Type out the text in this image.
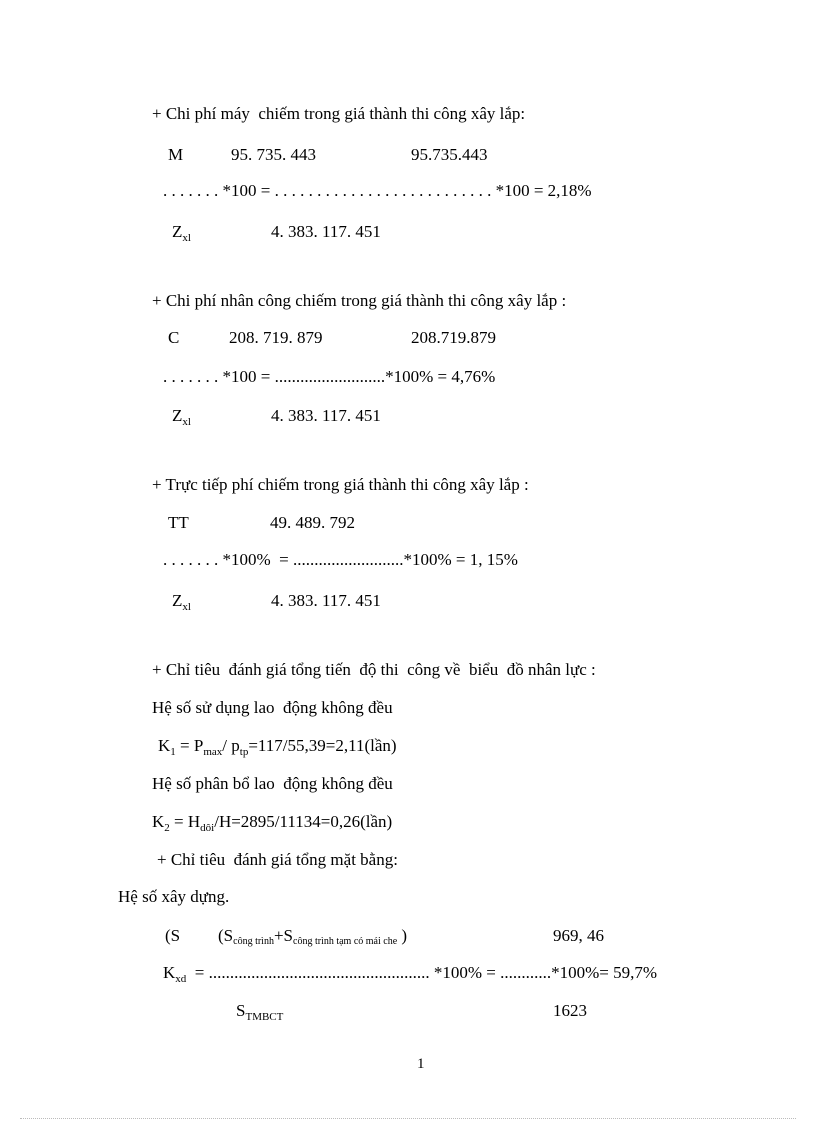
+ Chi phí máy  chiếm trong giá thành thi công xây lắp:
M	95. 735. 443	95.735.443
. . . . . . . *100 = . . . . . . . . . . . . . . . . . . . . . . . . . . *100 = 2,18%
$Z_{xl}$	4. 383. 117. 451
+ Chi phí nhân công chiếm trong giá thành thi công xây lắp :
C	208. 719. 879	208.719.879
. . . . . . . *100 = ..........................*100% = 4,76%
$Z_{xl}$	4. 383. 117. 451
+ Trực tiếp phí chiếm trong giá thành thi công xây lắp :
TT	49. 489. 792
. . . . . . . *100%  = ..........................*100% = 1, 15%
$Z_{xl}$	4. 383. 117. 451
+ Chỉ tiêu  đánh giá tổng tiến  độ thi  công về  biểu  đồ nhân lực :
Hệ số sử dụng lao  động không đều
$K_1 = P_{max}/$ $p_{tp}=117/55,39=2,11(lần)$
Hệ số phân bổ lao  động không đều
$K_2$ = $H_{dôi}/H=2895/11134=0,26(lần)$
+ Chỉ tiêu  đánh giá tổng mặt bằng:
Hệ số xây dựng.
(S (Scông trình+Scông trình tạm có mái che )	969, 46
$K_{xd}$  = .................................................... *100% = ............*100%= 59,7%
$S_{TMBCT}$	1623
1
